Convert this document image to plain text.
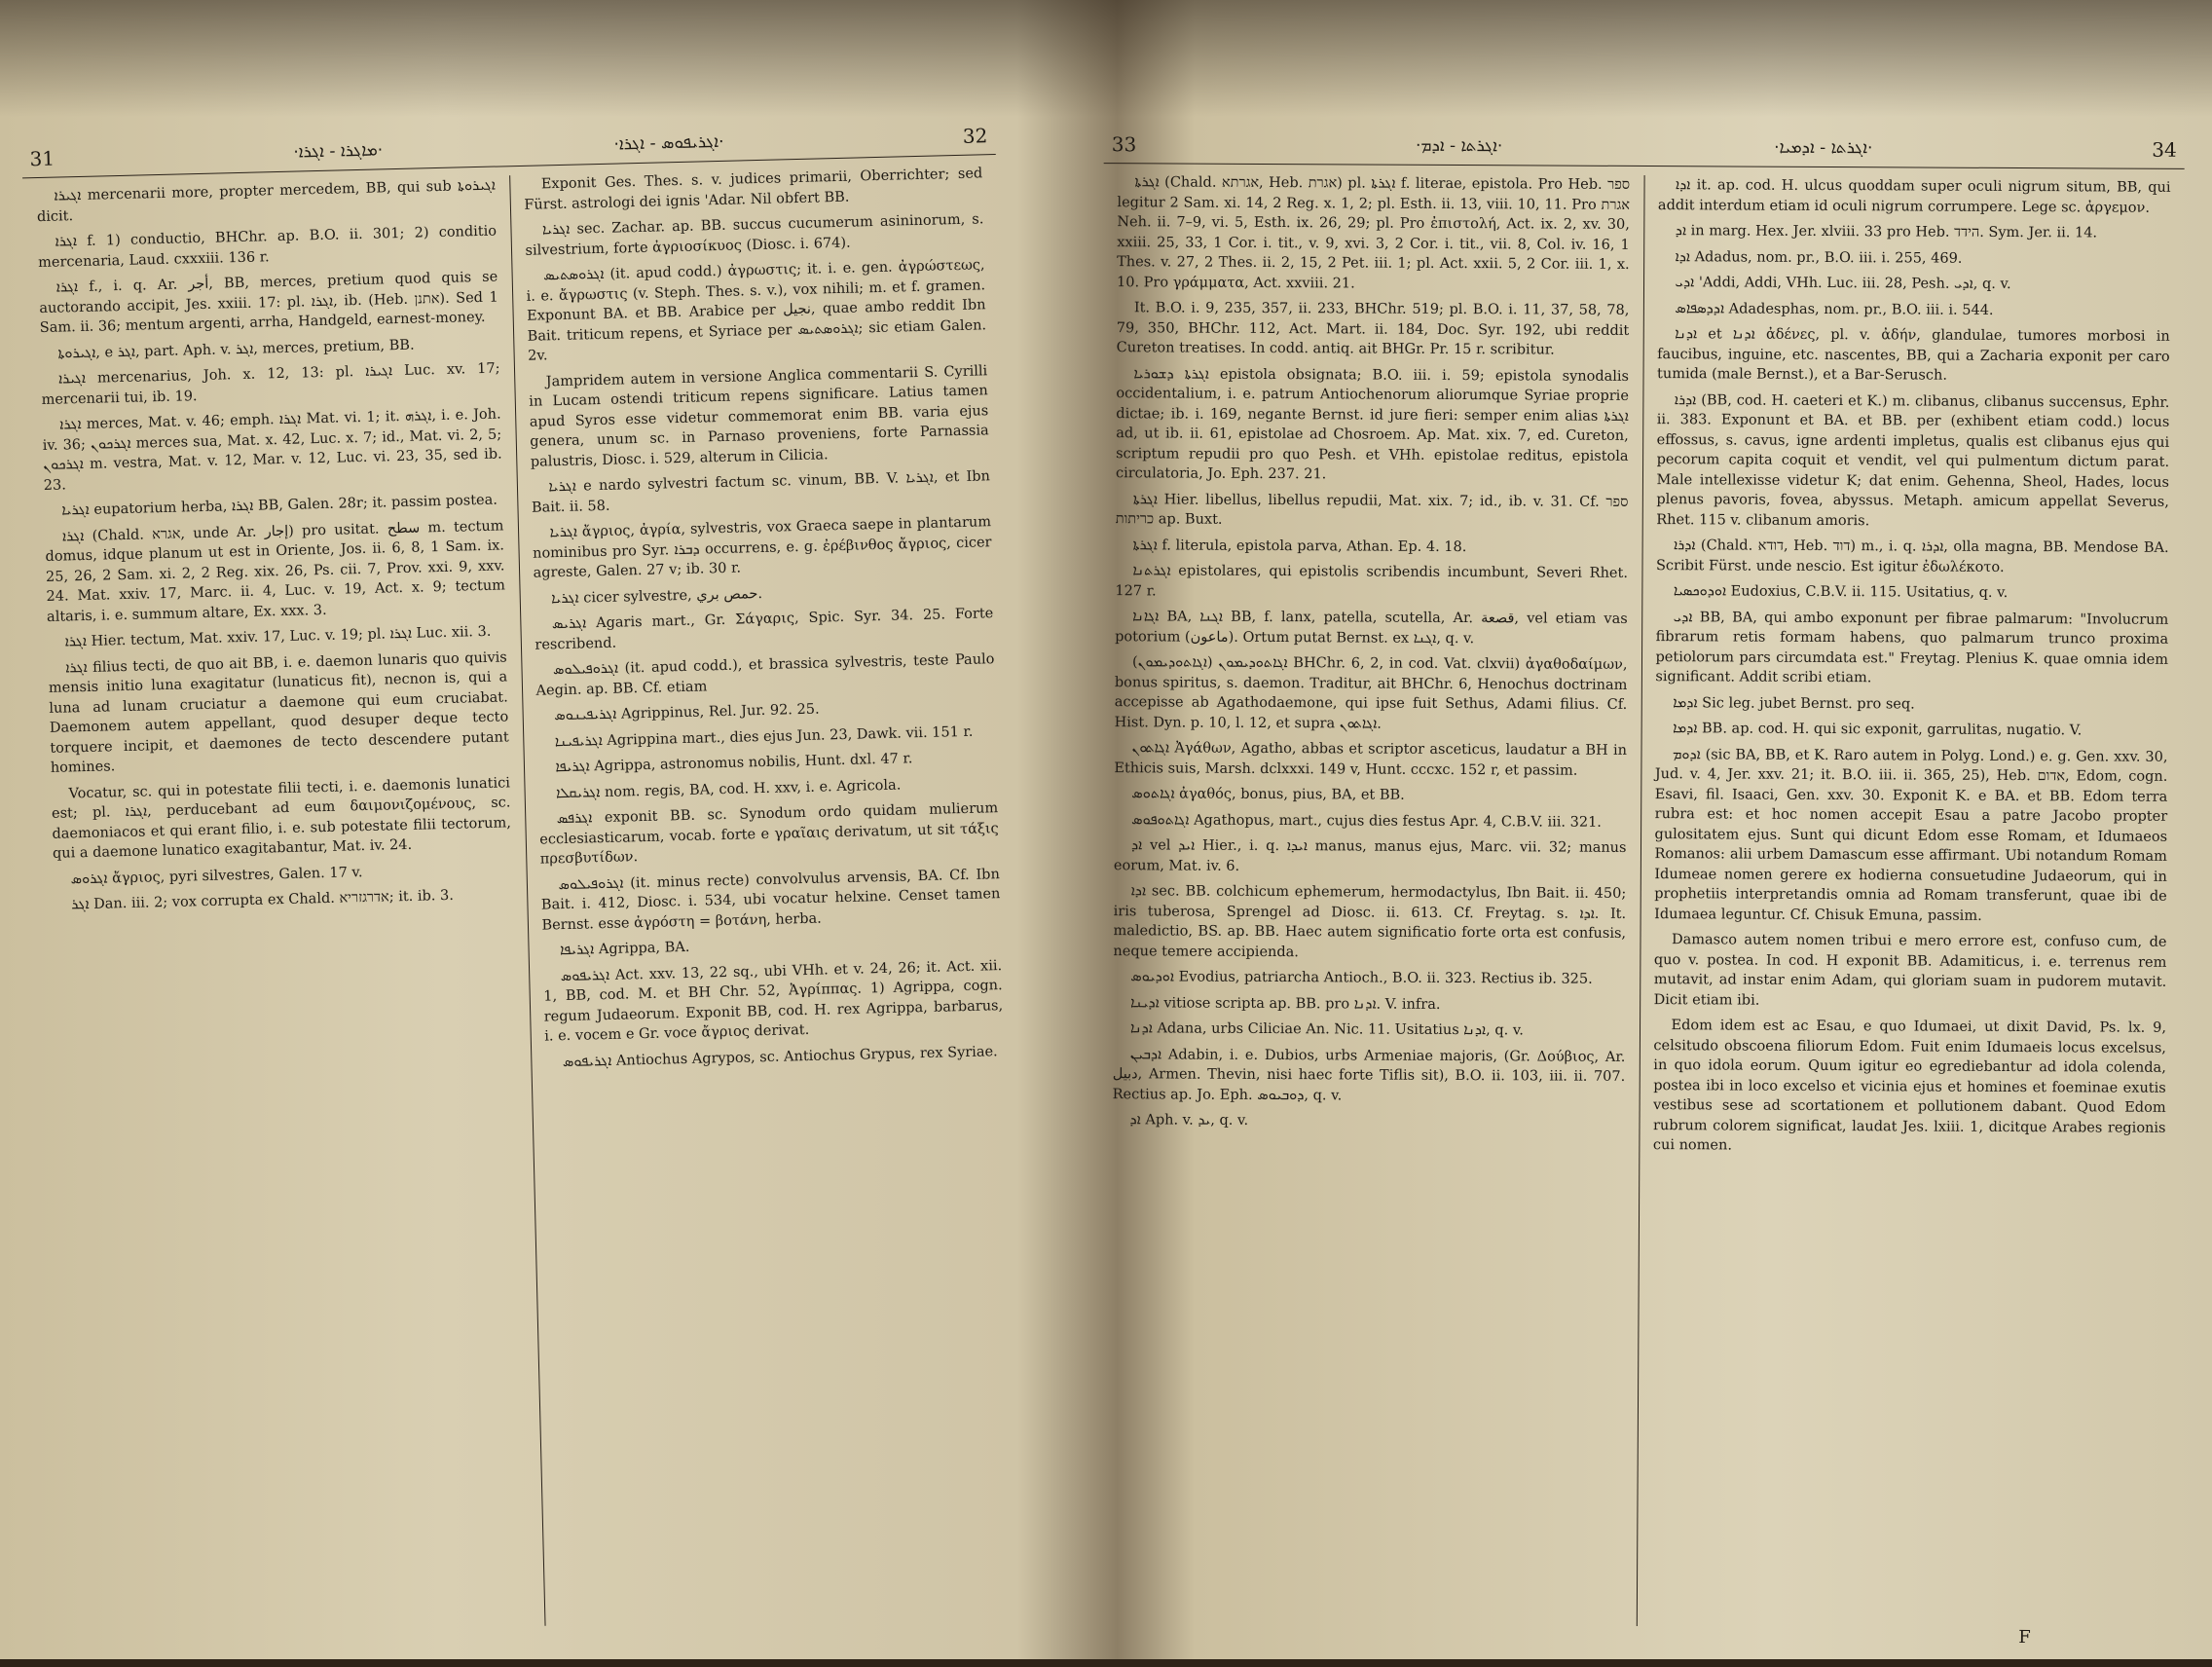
31	·ܡܐܓܪܐ - ܐܓܪܐ·	·ܐܓܪܝܦܘܣ - ܐܓܪܐ·	32

ܐܓܝܪܐ mercenarii more, propter mercedem, BB, qui sub ܐܓܝܪܘܬܐ dicit.

ܐܓܪܐ f. 1) conductio, BHChr. ap. B.O. ii. 301; 2) conditio mercenaria, Laud. cxxxiii. 136 r.

ܐܓܪܐ f., i. q. Ar. أجر, BB, merces, pretium quod quis se auctorando accipit, Jes. xxiii. 17: pl. ܐܓܪܐ, ib. (Heb. אתנן). Sed 1 Sam. ii. 36; mentum argenti, arrha, Handgeld, earnest-money.

ܐܓܝܪܘܬܐ, e ܐܓܪ, part. Aph. v. ܐܓܪ, merces, pretium, BB.

ܐܓܝܪܐ mercenarius, Joh. x. 12, 13: pl. ܐܓܝܪܐ Luc. xv. 17; mercenarii tui, ib. 19.

ܐܓܪܐ merces, Mat. v. 46; emph. ܐܓܪܐ Mat. vi. 1; it. ܐܓܪܗ, i. e. Joh. iv. 36; ܐܓܪܟܘܢ merces sua, Mat. x. 42, Luc. x. 7; id., Mat. vi. 2, 5; ܐܓܪܟܘܢ m. vestra, Mat. v. 12, Mar. v. 12, Luc. vi. 23, 35, sed ib. 23.

ܐܓܪܝܐ eupatorium herba, ܐܓܪܐ BB, Galen. 28r; it. passim postea.

ܐܓܪܐ (Chald. אגרא, unde Ar. إجار) pro usitat. سطح m. tectum domus, idque planum ut est in Oriente, Jos. ii. 6, 8, 1 Sam. ix. 25, 26, 2 Sam. xi. 2, 2 Reg. xix. 26, Ps. cii. 7, Prov. xxi. 9, xxv. 24. Mat. xxiv. 17, Marc. ii. 4, Luc. v. 19, Act. x. 9; tectum altaris, i. e. summum altare, Ex. xxx. 3.

ܐܓܪܐ Hier. tectum, Mat. xxiv. 17, Luc. v. 19; pl. ܐܓܪܐ Luc. xii. 3.

ܐܓܪܐ filius tecti, de quo ait BB, i. e. daemon lunaris quo quivis mensis initio luna exagitatur (lunaticus fit), necnon is, qui a luna ad lunam cruciatur a daemone qui eum cruciabat. Daemonem autem appellant, quod desuper deque tecto torquere incipit, et daemones de tecto descendere putant homines.

Vocatur, sc. qui in potestate filii tecti, i. e. daemonis lunatici est; pl. ܐܓܪܐ, perducebant ad eum δαιμονιζομένους, sc. daemoniacos et qui erant filio, i. e. sub potestate filii tectorum, qui a daemone lunatico exagitabantur, Mat. iv. 24.

ܐܓܪܘܣ ἄγριος, pyri silvestres, Galen. 17 v.

ܐܓܪ Dan. iii. 2; vox corrupta ex Chald. אדרגזריא; it. ib. 3.

Exponit Ges. Thes. s. v. judices primarii, Oberrichter; sed Fürst. astrologi dei ignis 'Adar. Nil obfert BB.

ܐܓܪܝܐ sec. Zachar. ap. BB. succus cucumerum asininorum, s. silvestrium, forte ἀγριοσίκυος (Diosc. i. 674).

ܐܓܪܘܣܬܝܣ (it. apud codd.) ἀγρωστις; it. i. e. gen. ἀγρώστεως, i. e. ἄγρωστις (v. Steph. Thes. s. v.), vox nihili; m. et f. gramen. Exponunt BA. et BB. Arabice per نجيل, quae ambo reddit Ibn Bait. triticum repens, et Syriace per ܐܓܪܘܣܬܝܣ; sic etiam Galen. 2v.

Jampridem autem in versione Anglica commentarii S. Cyrilli in Lucam ostendi triticum repens significare. Latius tamen apud Syros esse videtur commemorat enim BB. varia ejus genera, unum sc. in Parnaso proveniens, forte Parnassia palustris, Diosc. i. 529, alterum in Cilicia.

ܐܓܪܝܐ e nardo sylvestri factum sc. vinum, BB. V. ܐܓܪܝܐ, et Ibn Bait. ii. 58.

ܐܓܪܝܐ ἄγριος, ἀγρία, sylvestris, vox Graeca saepe in plantarum nominibus pro Syr. ܕܒܪܐ occurrens, e. g. ἐρέβινθος ἄγριος, cicer agreste, Galen. 27 v; ib. 30 r.

ܐܓܪܝܐ cicer sylvestre, حمص بري.

ܐܓܪܝܣ Agaris mart., Gr. Σάγαρις, Spic. Syr. 34. 25. Forte rescribend.

ܐܓܪܘܦܝܠܘܣ (it. apud codd.), et brassica sylvestris, teste Paulo Aegin. ap. BB. Cf. etiam

ܐܓܪܝܦܝܢܘܣ Agrippinus, Rel. Jur. 92. 25.

ܐܓܪܝܦܝܢܐ Agrippina mart., dies ejus Jun. 23, Dawk. vii. 151 r.

ܐܓܪܝܦܐ Agrippa, astronomus nobilis, Hunt. dxl. 47 r.

ܐܓܪܝܩܠܐ nom. regis, BA, cod. H. xxv, i. e. Agricola.

ܐܓܪܦܣ exponit BB. sc. Synodum ordo quidam mulierum ecclesiasticarum, vocab. forte e γραῖαις derivatum, ut sit τάξις πρεσβυτίδων.

ܐܓܪܘܦܝܠܘܣ (it. minus recte) convolvulus arvensis, BA. Cf. Ibn Bait. i. 412, Diosc. i. 534, ubi vocatur helxine. Censet tamen Bernst. esse ἀγρόστη = βοτάνη, herba.

ܐܓܪܝܦܐ Agrippa, BA.

ܐܓܪܝܦܘܣ Act. xxv. 13, 22 sq., ubi VHh. et v. 24, 26; it. Act. xii. 1, BB, cod. M. et BH Chr. 52, Ἀγρίππας. 1) Agrippa, cogn. regum Judaeorum. Exponit BB, cod. H. rex Agrippa, barbarus, i. e. vocem e Gr. voce ἄγριος derivat.

ܐܓܪܝܦܘܣ Antiochus Agrypos, sc. Antiochus Grypus, rex Syriae.

33	·ܐܓܪܬܐ - ܐܕܡ·	·ܐܓܪܬܐ - ܐܕܡܝܐ·	34

ܐܓܪܬܐ (Chald. אגרתא, Heb. אגרת) pl. ܐܓܪܬܐ f. literae, epistola. Pro Heb. ספר legitur 2 Sam. xi. 14, 2 Reg. x. 1, 2; pl. Esth. ii. 13, viii. 10, 11. Pro אגרת Neh. ii. 7–9, vi. 5, Esth. ix. 26, 29; pl. Pro ἐπιστολή, Act. ix. 2, xv. 30, xxiii. 25, 33, 1 Cor. i. tit., v. 9, xvi. 3, 2 Cor. i. tit., vii. 8, Col. iv. 16, 1 Thes. v. 27, 2 Thes. ii. 2, 15, 2 Pet. iii. 1; pl. Act. xxii. 5, 2 Cor. iii. 1, x. 10. Pro γράμματα, Act. xxviii. 21.

It. B.O. i. 9, 235, 357, ii. 233, BHChr. 519; pl. B.O. i. 11, 37, 58, 78, 79, 350, BHChr. 112, Act. Mart. ii. 184, Doc. Syr. 192, ubi reddit Cureton treatises. In codd. antiq. ait BHGr. Pr. 15 r. scribitur.

ܐܓܪܬܐ ܕܫܘܪܝܐ epistola obsignata; B.O. iii. i. 59; epistola synodalis occidentalium, i. e. patrum Antiochenorum aliorumque Syriae proprie dictae; ib. i. 169, negante Bernst. id jure fieri: semper enim alias ܐܓܪܬܐ ad, ut ib. ii. 61, epistolae ad Chosroem. Ap. Mat. xix. 7, ed. Cureton, scriptum repudii pro quo Pesh. et VHh. epistolae reditus, epistola circulatoria, Jo. Eph. 237. 21.

ܐܓܪܬܐ Hier. libellus, libellus repudii, Mat. xix. 7; id., ib. v. 31. Cf. ספר כריתות ap. Buxt.

ܐܓܪܬܐ f. literula, epistola parva, Athan. Ep. 4. 18.

ܐܓܪܬܢܐ epistolares, qui epistolis scribendis incumbunt, Severi Rhet. 127 r.

ܐܓܐܢܐ BA, ܐܓܢܐ BB, f. lanx, patella, scutella, Ar. قصعة, vel etiam vas potorium (ماعون). Ortum putat Bernst. ex ܐܓܢܐ, q. v.

ܐܓܐܬܘܕܝܡܘܢ (ܐܓܐܬܘܕܝܡܘܢ) BHChr. 6, 2, in cod. Vat. clxvii) ἀγαθοδαίμων, bonus spiritus, s. daemon. Traditur, ait BHChr. 6, Henochus doctrinam accepisse ab Agathodaemone, qui ipse fuit Sethus, Adami filius. Cf. Hist. Dyn. p. 10, l. 12, et supra ܐܓܐܬܘܢ.

ܐܓܐܬܘܢ Ἀγάθων, Agatho, abbas et scriptor asceticus, laudatur a BH in Ethicis suis, Marsh. dclxxxi. 149 v, Hunt. cccxc. 152 r, et passim.

ܐܓܐܬܘܣ ἀγαθός, bonus, pius, BA, et BB.

ܐܓܐܬܘܦܘܣ Agathopus, mart., cujus dies festus Apr. 4, C.B.V. iii. 321.

ܐܕ vel ܐܝܕ Hier., i. q. ܐܝܕܐ manus, manus ejus, Marc. vii. 32; manus eorum, Mat. iv. 6.

ܐܕܐ sec. BB. colchicum ephemerum, hermodactylus, Ibn Bait. ii. 450; iris tuberosa, Sprengel ad Diosc. ii. 613. Cf. Freytag. s. ܐܕܐ. It. maledictio, BS. ap. BB. Haec autem significatio forte orta est confusis, neque temere accipienda.

ܐܘܕܝܘܣ Evodius, patriarcha Antioch., B.O. ii. 323. Rectius ib. 325.

ܐܕܝܢܐ vitiose scripta ap. BB. pro ܐܕܢܐ. V. infra.

ܐܕܢܐ Adana, urbs Ciliciae An. Nic. 11. Usitatius ܐܕܢܐ, q. v.

ܐܕܒܝܢ Adabin, i. e. Dubios, urbs Armeniae majoris, (Gr. Δούβιος, Ar. دبيل, Armen. Thevin, nisi haec forte Tiflis sit), B.O. ii. 103, iii. ii. 707. Rectius ap. Jo. Eph. ܕܘܒܝܘܣ, q. v.

ܐܕ Aph. v. ܝܕ, q. v.

ܐܕܐ it. ap. cod. H. ulcus quoddam super oculi nigrum situm, BB, qui addit interdum etiam id oculi nigrum corrumpere. Lege sc. ἀργεμον.

ܐܕ in marg. Hex. Jer. xlviii. 33 pro Heb. הידד. Sym. Jer. ii. 14.

ܐܕܐ Adadus, nom. pr., B.O. iii. i. 255, 469.

ܐܕܝ 'Addi, Addi, VHh. Luc. iii. 28, Pesh. ܐܕܝ, q. v.

ܐܕܕܣܦܐܣ Adadesphas, nom. pr., B.O. iii. i. 544.

ܐܕܢܐ et ܐܕܢܐ ἀδένες, pl. v. ἀδήν, glandulae, tumores morbosi in faucibus, inguine, etc. nascentes, BB, qui a Zacharia exponit per caro tumida (male Bernst.), et a Bar-Serusch.

ܐܕܪܐ (BB, cod. H. caeteri et K.) m. clibanus, clibanus succensus, Ephr. ii. 383. Exponunt et BA. et BB. per (exhibent etiam codd.) locus effossus, s. cavus, igne ardenti impletus, qualis est clibanus ejus qui pecorum capita coquit et vendit, vel qui pulmentum dictum parat. Male intellexisse videtur K; dat enim. Gehenna, Sheol, Hades, locus plenus pavoris, fovea, abyssus. Metaph. amicum appellat Severus, Rhet. 115 v. clibanum amoris.

ܐܕܪܐ (Chald. דודא, Heb. דוד) m., i. q. ܐܕܪܐ, olla magna, BB. Mendose BA. Scribit Fürst. unde nescio. Est igitur ἐδωλέκοτο.

ܐܘܕܘܟܣܝܐ Eudoxius, C.B.V. ii. 115. Usitatius, q. v.

ܐܕܝ BB, BA, qui ambo exponunt per fibrae palmarum: "Involucrum fibrarum retis formam habens, quo palmarum trunco proxima petiolorum pars circumdata est." Freytag. Plenius K. quae omnia idem significant. Addit scribi etiam.

ܐܕܡܐ Sic leg. jubet Bernst. pro seq.

ܐܕܡܐ BB. ap. cod. H. qui sic exponit, garrulitas, nugatio. V.

ܐܕܘܡ (sic BA, BB, et K. Raro autem in Polyg. Lond.) e. g. Gen. xxv. 30, Jud. v. 4, Jer. xxv. 21; it. B.O. iii. ii. 365, 25), Heb. אדום, Edom, cogn. Esavi, fil. Isaaci, Gen. xxv. 30. Exponit K. e BA. et BB. Edom terra rubra est: et hoc nomen accepit Esau a patre Jacobo propter gulositatem ejus. Sunt qui dicunt Edom esse Romam, et Idumaeos Romanos: alii urbem Damascum esse affirmant. Ubi notandum Romam Idumeae nomen gerere ex hodierna consuetudine Judaeorum, qui in prophetiis interpretandis omnia ad Romam transferunt, quae ibi de Idumaea leguntur. Cf. Chisuk Emuna, passim.

Damasco autem nomen tribui e mero errore est, confuso cum, de quo v. postea. In cod. H exponit BB. Adamiticus, i. e. terrenus rem mutavit, ad instar enim Adam, qui gloriam suam in pudorem mutavit. Dicit etiam ibi.

Edom idem est ac Esau, e quo Idumaei, ut dixit David, Ps. lx. 9, celsitudo obscoena filiorum Edom. Fuit enim Idumaeis locus excelsus, in quo idola eorum. Quum igitur eo egrediebantur ad idola colenda, postea ibi in loco excelso et vicinia ejus et homines et foeminae exutis vestibus sese ad scortationem et pollutionem dabant. Quod Edom rubrum colorem significat, laudat Jes. lxiii. 1, dicitque Arabes regionis cui nomen.

F
